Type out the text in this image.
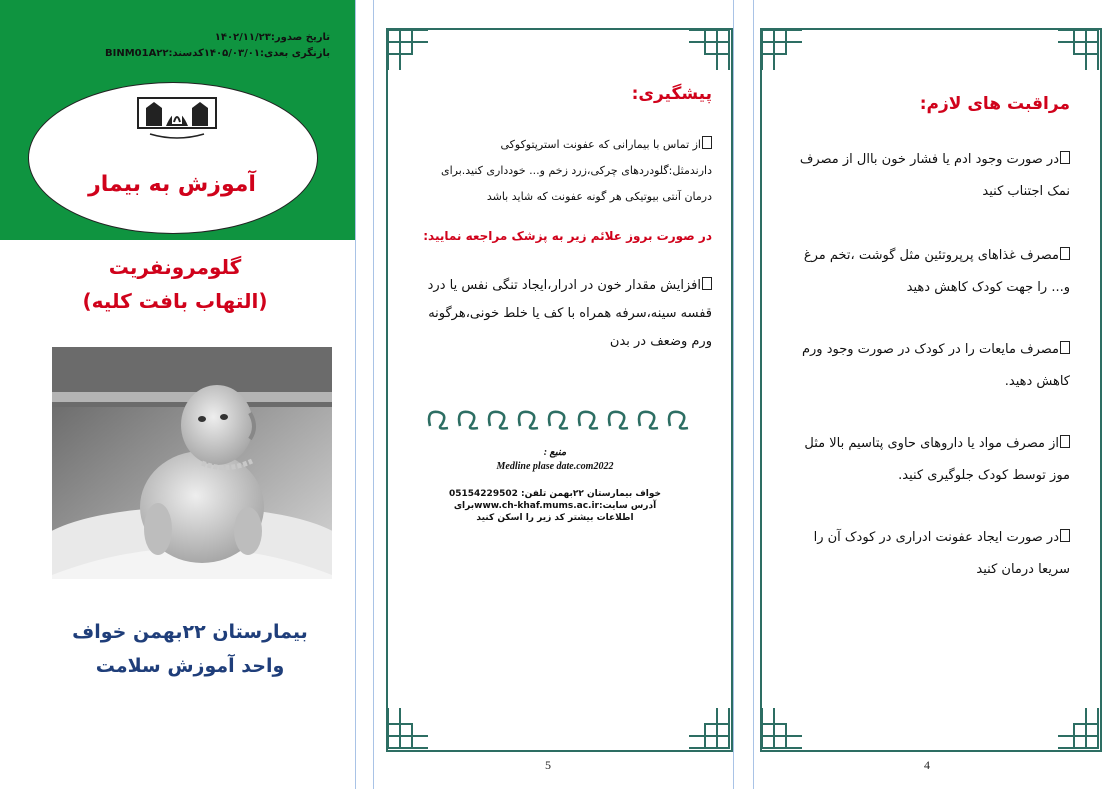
تاریخ صدور:۱۴۰۲/۱۱/۲۳
بازنگری بعدی:۱۴۰۵/۰۳/۰۱کدسند:BINM01A۲۲
آموزش به بیمار
گلومرونفریت
(التهاب بافت کلیه)
بیمارستان ۲۲بهمن خواف
واحد آموزش سلامت
پیشگیری:
از تماس با بیمارانی که عفونت استرپتوکوکی دارندمثل:گلودردهای چرکی،زرد زخم و... خودداری کنید.برای درمان آنتی بیوتیکی هر گونه عفونت که شاید باشد
در صورت بروز علائم زیر به پزشک مراجعه نمایید:
افزایش مقدار خون در ادرار،ایجاد تنگی نفس یا درد قفسه سینه،سرفه همراه با کف یا خلط خونی،هرگونه ورم وضعف در بدن
منبع :
Medline plase date.com2022
خواف بیمارستان ۲۲بهمن تلفن: 05154229502
آدرس سایت:www.ch-khaf.mums.ac.irبرای
اطلاعات بیشتر کد زیر را اسکن کنید
5
مراقبت های لازم:
در صورت وجود ادم یا فشار خون باال از مصرف نمک اجتناب کنید
مصرف غذاهای پرپروتئین مثل گوشت ،تخم مرغ و... را جهت کودک کاهش دهید
مصرف مایعات را در کودک در صورت وجود ورم کاهش دهید.
از مصرف مواد یا داروهای حاوی پتاسیم بالا مثل موز توسط کودک جلوگیری کنید.
در صورت ایجاد عفونت ادراری در کودک آن را سریعا درمان کنید
4
